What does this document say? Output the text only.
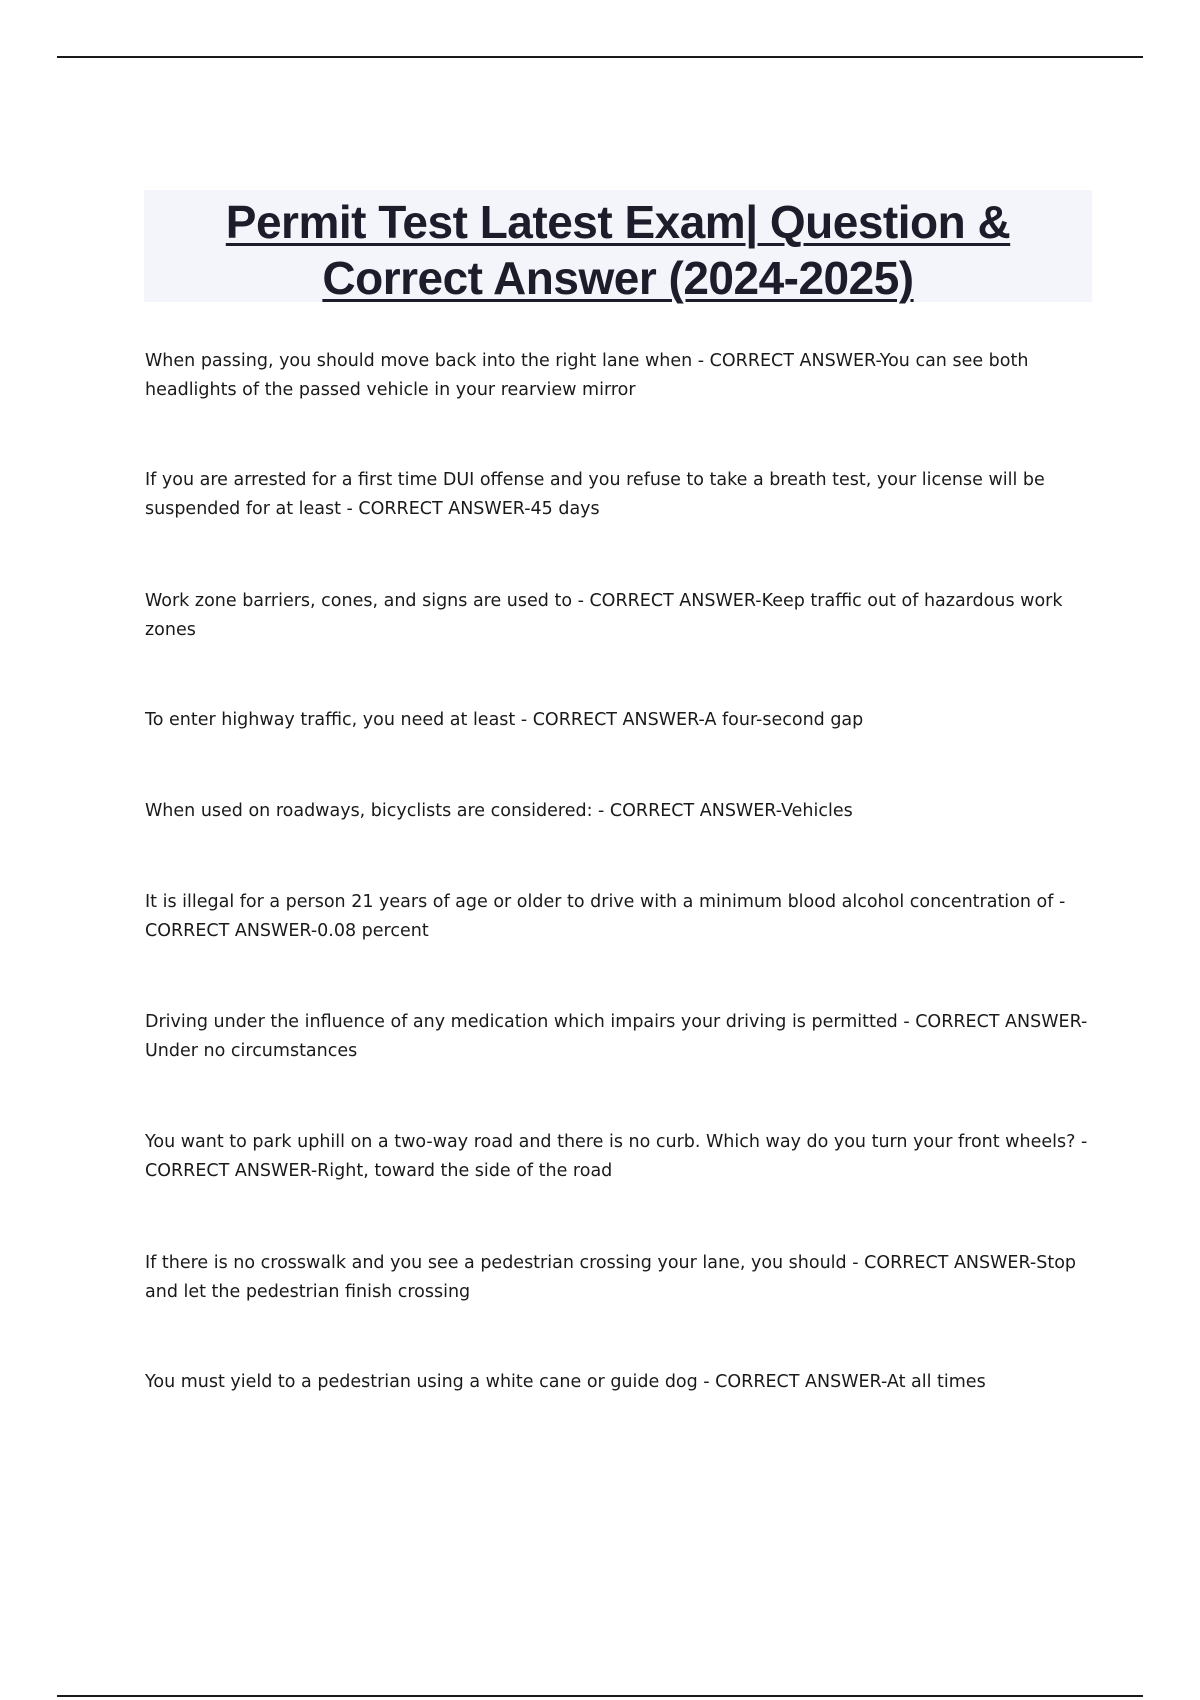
Permit Test Latest Exam| Question & Correct Answer (2024-2025)

When passing, you should move back into the right lane when - CORRECT ANSWER-You can see both headlights of the passed vehicle in your rearview mirror

If you are arrested for a first time DUI offense and you refuse to take a breath test, your license will be suspended for at least - CORRECT ANSWER-45 days

Work zone barriers, cones, and signs are used to - CORRECT ANSWER-Keep traffic out of hazardous work zones

To enter highway traffic, you need at least - CORRECT ANSWER-A four-second gap

When used on roadways, bicyclists are considered: - CORRECT ANSWER-Vehicles

It is illegal for a person 21 years of age or older to drive with a minimum blood alcohol concentration of - CORRECT ANSWER-0.08 percent

Driving under the influence of any medication which impairs your driving is permitted - CORRECT ANSWER-Under no circumstances

You want to park uphill on a two-way road and there is no curb. Which way do you turn your front wheels? - CORRECT ANSWER-Right, toward the side of the road

If there is no crosswalk and you see a pedestrian crossing your lane, you should - CORRECT ANSWER-Stop and let the pedestrian finish crossing

You must yield to a pedestrian using a white cane or guide dog - CORRECT ANSWER-At all times
